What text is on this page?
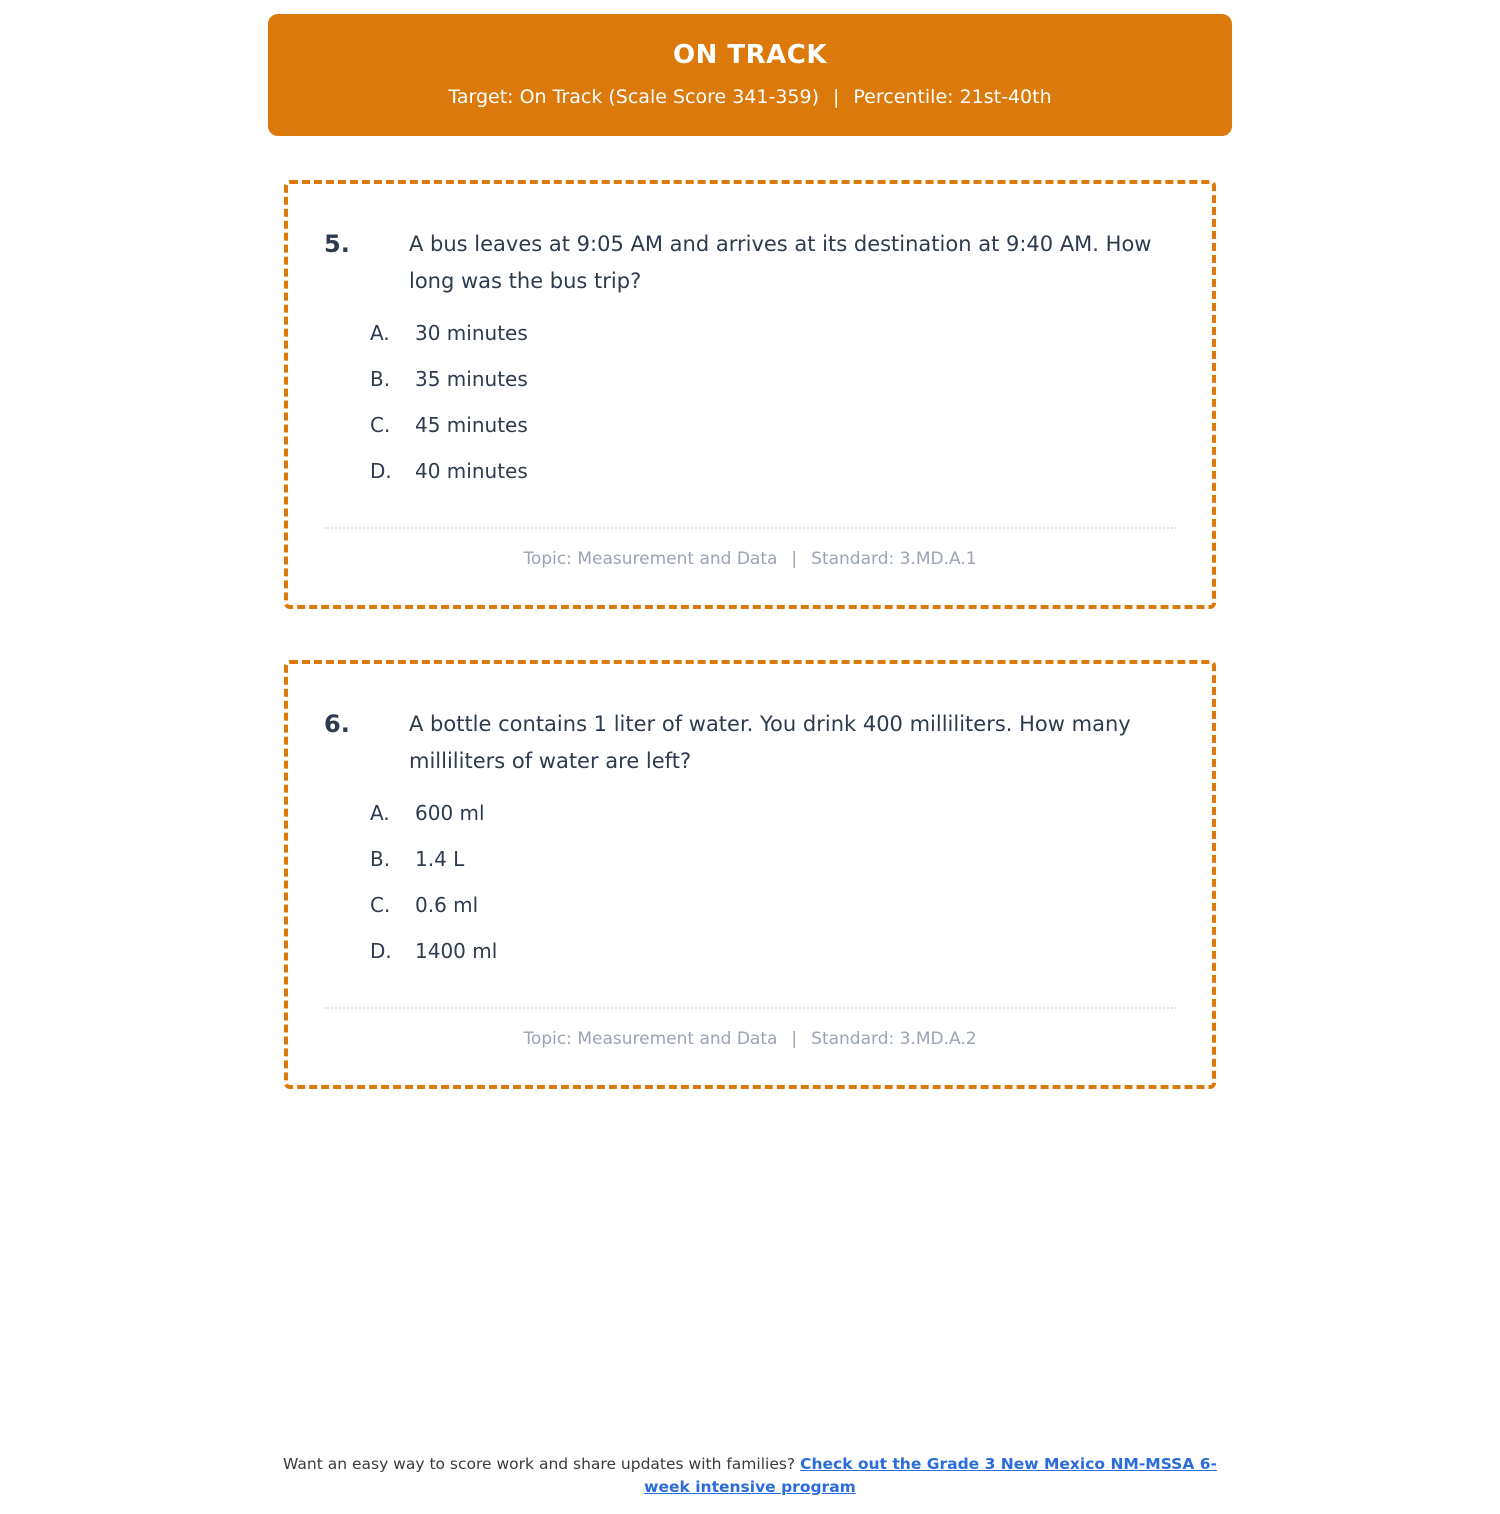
ON TRACK
Target: On Track (Scale Score 341-359) | Percentile: 21st-40th
5.	A bus leaves at 9:05 AM and arrives at its destination at 9:40 AM. How long was the bus trip?
A.	30 minutes
B.	35 minutes
C.	45 minutes
D.	40 minutes
Topic: Measurement and Data | Standard: 3.MD.A.1
6.	A bottle contains 1 liter of water. You drink 400 milliliters. How many milliliters of water are left?
A.	600 ml
B.	1.4 L
C.	0.6 ml
D.	1400 ml
Topic: Measurement and Data | Standard: 3.MD.A.2
Want an easy way to score work and share updates with families? Check out the Grade 3 New Mexico NM-MSSA 6-week intensive program
